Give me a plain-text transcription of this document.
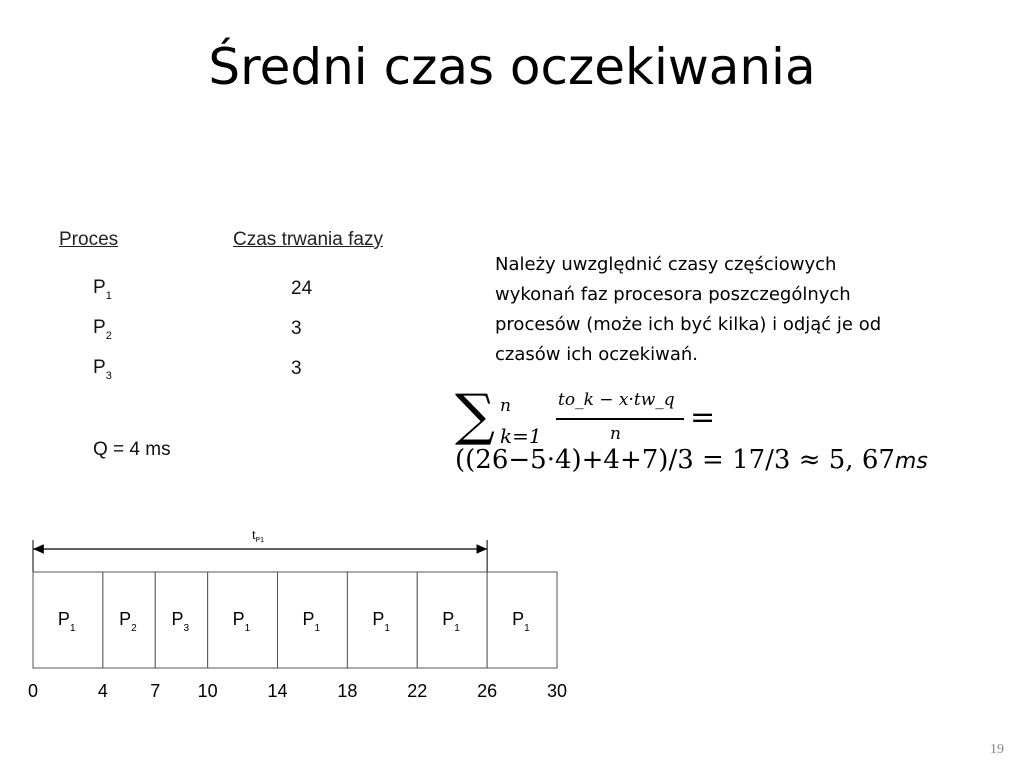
Średni czas oczekiwania
Proces	Czas trwania fazy
$P_1$	24
$P_2$	3
$P_3$	3
Q = 4 ms
Należy uwzględnić czasy częściowych wykonań faz procesora poszczególnych procesów (może ich być kilka) i odjąć je od czasów ich oczekiwań.
∑ n
k=1
to_k − x·tw_q
n =
((26−5·4)+4+7)/3 = 17/3 ≈ 5, 67ms
$t_{P1}$
$P_1$ $P_2$ $P_3$ $P_1$	$P_1$	$P_1$	$P_1$	$P_1$
0	4 7 10	14	18	22	26	30
19
